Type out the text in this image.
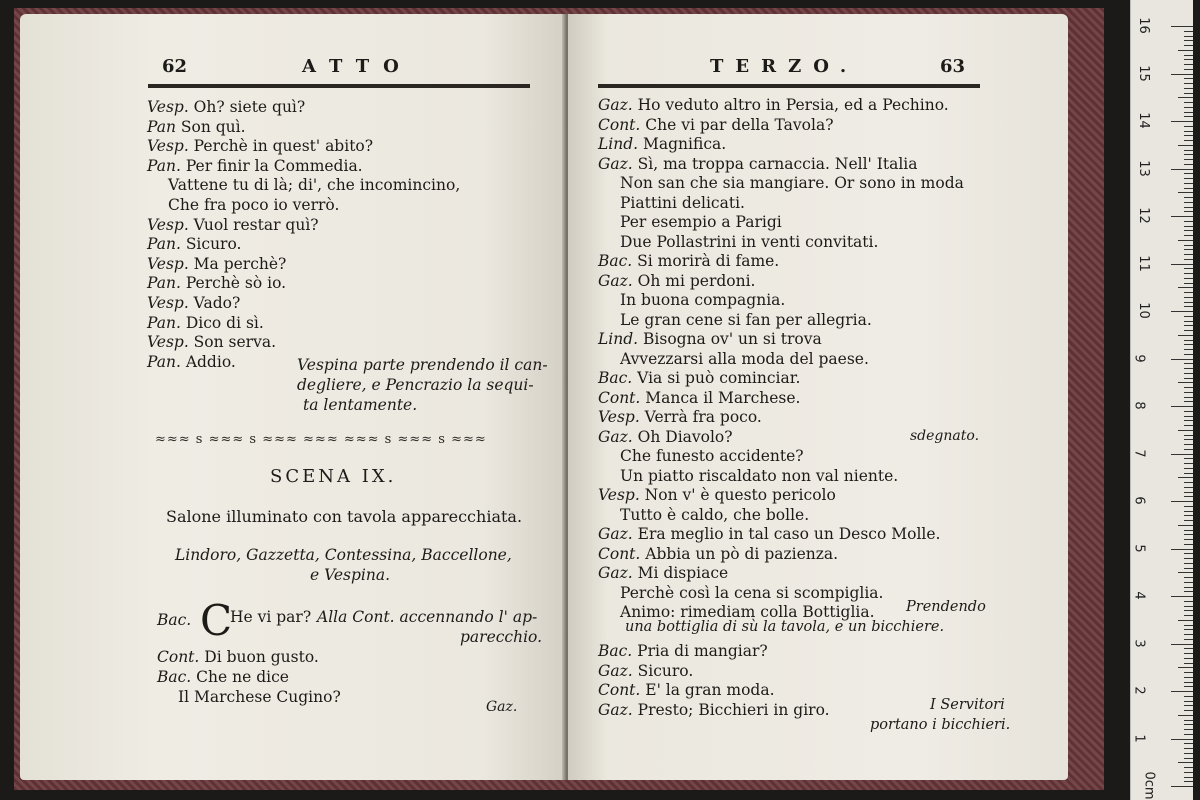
62	ATTO
Vesp. Oh? siete quì?
Pan Son quì.
Vesp. Perchè in quest' abito?
Pan. Per finir la Commedia.
Vattene tu di là; di', che incomincino,
Che fra poco io verrò.
Vesp. Vuol restar quì?
Pan. Sicuro.
Vesp. Ma perchè?
Pan. Perchè sò io.
Vesp. Vado?
Pan. Dico di sì.
Vesp. Son serva.
Pan. Addio.	Vespina parte prendendo il can-
degliere, e Pencrazio la sequi-
ta lentamente.
≈≈≈ s ≈≈≈ s ≈≈≈ ≈≈≈ ≈≈≈ s ≈≈≈ s ≈≈≈
SCENA IX.
Salone illuminato con tavola apparecchiata.
Lindoro, Gazzetta, Contessina, Baccellone,
e Vespina.
Bac. C
He vi par? Alla Cont. accennando l' ap-
parecchio.
Cont. Di buon gusto.
Bac. Che ne dice
Il Marchese Cugino?
Gaz.
TERZO.	63
Gaz. Ho veduto altro in Persia, ed a Pechino.
Cont. Che vi par della Tavola?
Lind. Magnifica.
Gaz. Sì, ma troppa carnaccia. Nell' Italia
Non san che sia mangiare. Or sono in moda
Piattini delicati.
Per esempio a Parigi
Due Pollastrini in venti convitati.
Bac. Si morirà di fame.
Gaz. Oh mi perdoni.
In buona compagnia.
Le gran cene si fan per allegria.
Lind. Bisogna ov' un si trova
Avvezzarsi alla moda del paese.
Bac. Via si può cominciar.
Cont. Manca il Marchese.
Vesp. Verrà fra poco.
Gaz. Oh Diavolo?
Che funesto accidente?
Un piatto riscaldato non val niente.
Vesp. Non v' è questo pericolo
Tutto è caldo, che bolle.
Gaz. Era meglio in tal caso un Desco Molle.
Cont. Abbia un pò di pazienza.
Gaz. Mi dispiace
Perchè così la cena si scompiglia.
Animo: rimediam colla Bottiglia.
Bac. Pria di mangiar?
Gaz. Sicuro.
Cont. E' la gran moda.
Gaz. Presto; Bicchieri in giro.
sdegnato.
Prendendo
una bottiglia di sù la tavola, e un bicchiere.
I Servitori
portano i bicchieri.
16
15
14
13
12
11
10
9
8
7
6
5
4
3
2
1
0cm
